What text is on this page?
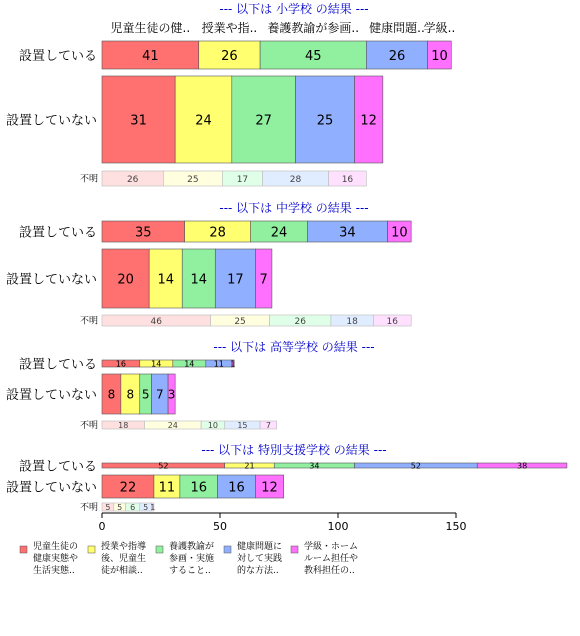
児童生徒の健.. 授業や指.. 養護教諭が参画.. 健康問題..
学級..
--- 以下は 小学校 の結果 ---
設置している	41	26	45	26 10
設置していない	31	24	27	25 12
不明	26	25	17	28	16
--- 以下は 中学校 の結果 ---
設置している	35	28	24	34	10
設置していない 20 14 14 17 7
不明	46	25	26	18	16
--- 以下は 高等学校 の結果 ---
設置している 16	14	14 11 1
設置していない 8 8 5 7 3
不明	18	24	10 15 7
--- 以下は 特別支援学校 の結果 ---
設置している	52	21	34	52	38
設置していない 22 11 16 16 12
不明 5 5 6 5 1
0	50	100	150
児童生徒の
健康実態や
生活実態..
授業や指導
後、児童生
徒が相談..
養護教諭が
参画・実施
すること..
健康問題に
対して実践
的な方法..
学級・ホーム
ルーム担任や
教科担任の..
